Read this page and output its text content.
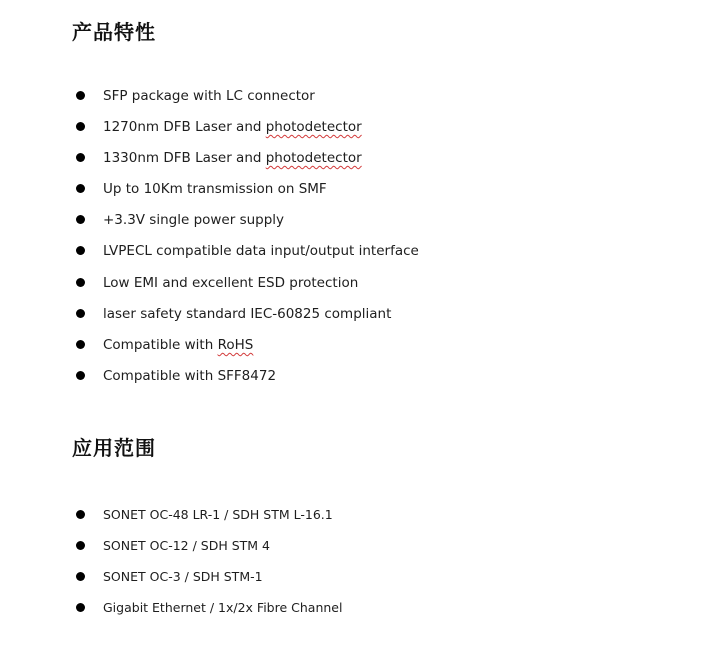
产品特性
SFP package with LC connector
1270nm DFB Laser and photodetector
1330nm DFB Laser and photodetector
Up to 10Km transmission on SMF
+3.3V single power supply
LVPECL compatible data input/output interface
Low EMI and excellent ESD protection
laser safety standard IEC-60825 compliant
Compatible with RoHS
Compatible with SFF8472
应用范围
SONET OC-48 LR-1 / SDH STM L-16.1
SONET OC-12 / SDH STM 4
SONET OC-3 / SDH STM-1
Gigabit Ethernet / 1x/2x Fibre Channel
